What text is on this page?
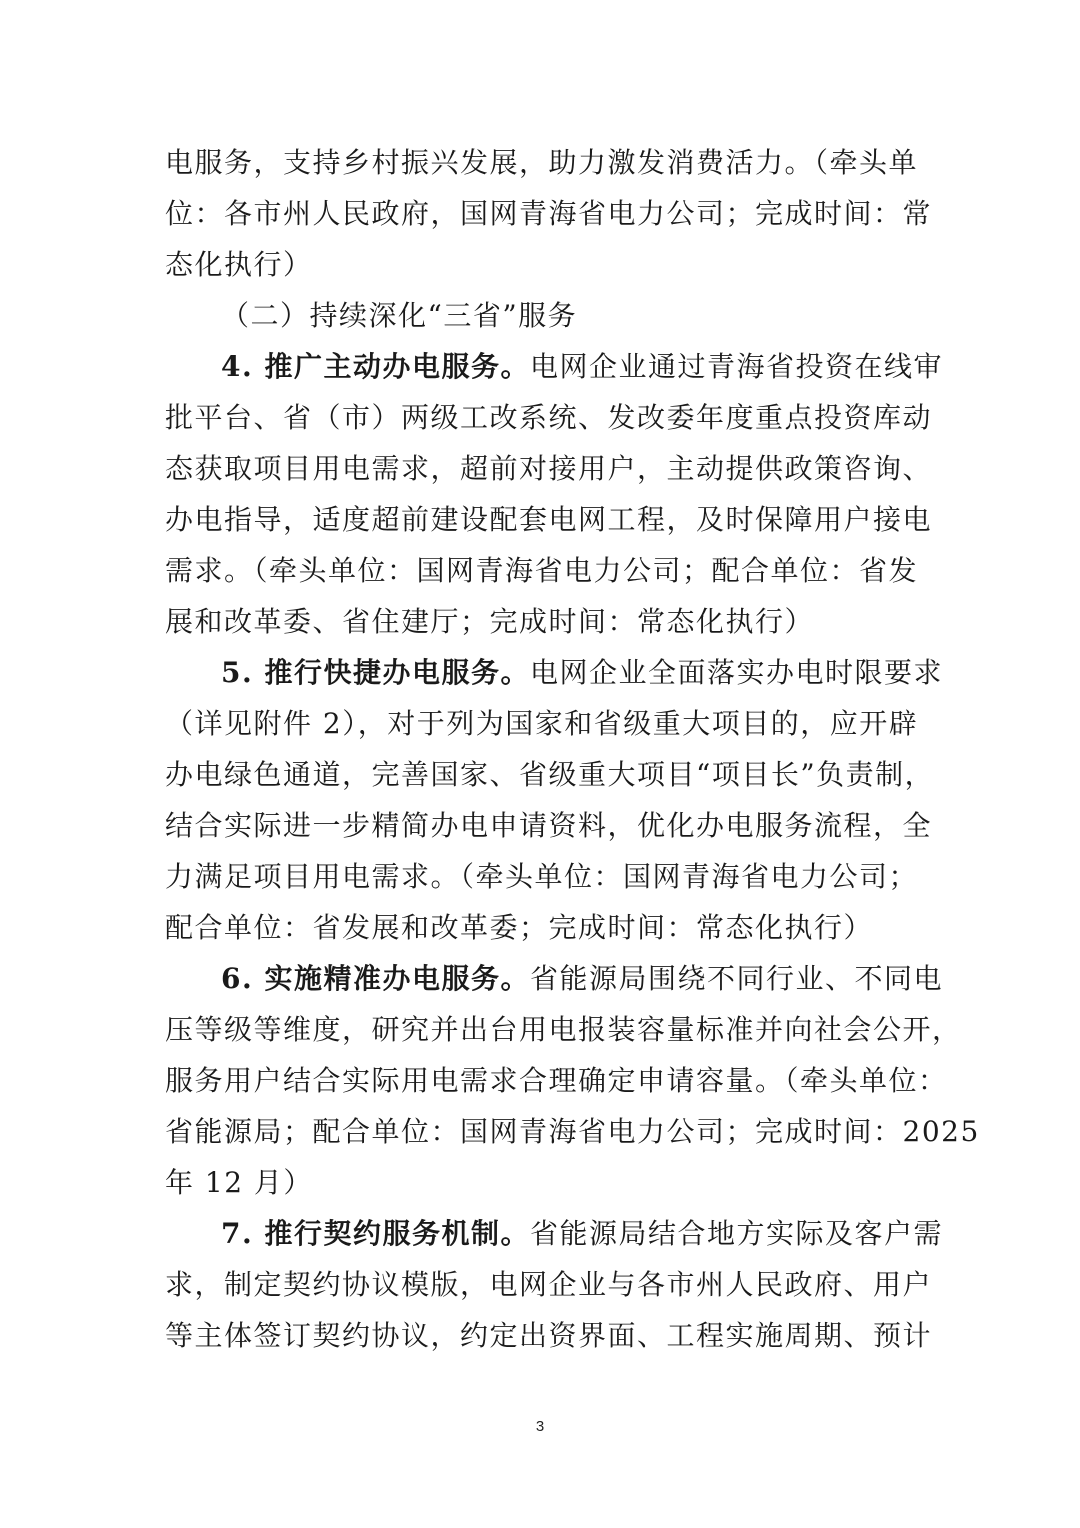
电服务，支持乡村振兴发展，助力激发消费活力。（牵头单
位：各市州人民政府，国网青海省电力公司；完成时间：常
态化执行）
（二）持续深化“三省”服务
4. 推广主动办电服务。电网企业通过青海省投资在线审
批平台、省（市）两级工改系统、发改委年度重点投资库动
态获取项目用电需求，超前对接用户，主动提供政策咨询、
办电指导，适度超前建设配套电网工程，及时保障用户接电
需求。（牵头单位：国网青海省电力公司；配合单位：省发
展和改革委、省住建厅；完成时间：常态化执行）
5. 推行快捷办电服务。电网企业全面落实办电时限要求
（详见附件 2），对于列为国家和省级重大项目的，应开辟
办电绿色通道，完善国家、省级重大项目“项目长”负责制，
结合实际进一步精简办电申请资料，优化办电服务流程，全
力满足项目用电需求。（牵头单位：国网青海省电力公司；
配合单位：省发展和改革委；完成时间：常态化执行）
6. 实施精准办电服务。省能源局围绕不同行业、不同电
压等级等维度，研究并出台用电报装容量标准并向社会公开，
服务用户结合实际用电需求合理确定申请容量。（牵头单位：
省能源局；配合单位：国网青海省电力公司；完成时间：2025
年 12 月）
7. 推行契约服务机制。省能源局结合地方实际及客户需
求，制定契约协议模版，电网企业与各市州人民政府、用户
等主体签订契约协议，约定出资界面、工程实施周期、预计
3
